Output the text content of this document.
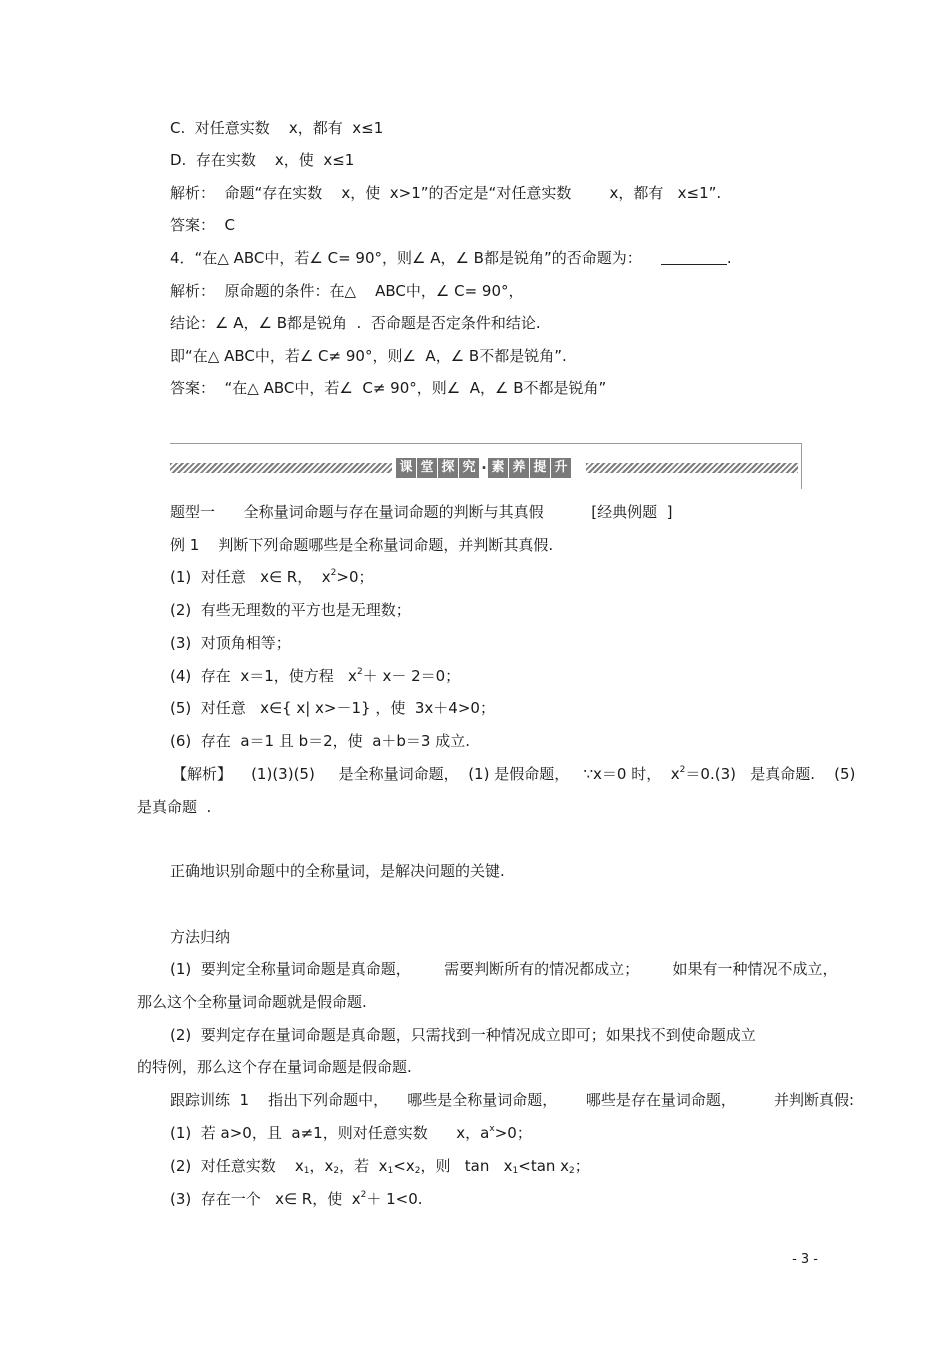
C.  对任意实数    x，都有  x≤1
D.  存在实数    x，使  x≤1
解析：  命题“存在实数    x，使  x>1”的否定是“对任意实数        x，都有   x≤1”.
答案：  C
4．“在△ ABC中，若∠ C= 90°，则∠ A，∠ B都是锐角”的否命题为：	.
解析：  原命题的条件：在△    ABC中，∠ C= 90°，
结论：∠ A，∠ B都是锐角  .  否命题是否定条件和结论.
即“在△ ABC中，若∠ C≠ 90°，则∠  A，∠ B不都是锐角”.
答案：  “在△ ABC中，若∠  C≠ 90°，则∠  A，∠ B不都是锐角”
课 堂 探 究 · 素 养 提 升
题型一      全称量词命题与存在量词命题的判断与其真假          [经典例题  ]
例 1    判断下列命题哪些是全称量词命题，并判断其真假.
(1)  对任意   x∈ R，  $x^2>0$；
(2)  有些无理数的平方也是无理数；
(3)  对顶角相等；
(4)  存在  x＝1，使方程   $x^2+ x- 2=0$；
(5)  对任意   x∈{ x| x>－1} ，使  3x＋4>0；
(6)  存在  a＝1 且 b＝2，使  a＋b＝3 成立.
【解析】    (1)(3)(5)     是全称量词命题，  (1) 是假命题，   ∵x＝0 时，  $x^2=0.(3)$   是真命题.    (5)
是真命题  .
正确地识别命题中的全称量词，是解决问题的关键.
方法归纳
(1)  要判定全称量词命题是真命题，       需要判断所有的情况都成立；       如果有一种情况不成立，
那么这个全称量词命题就是假命题.
(2)  要判定存在量词命题是真命题，只需找到一种情况成立即可；如果找不到使命题成立
的特例，那么这个存在量词命题是假命题.
跟踪训练  1    指出下列命题中，    哪些是全称量词命题，      哪些是存在量词命题，        并判断真假:
(1)  若 a>0，且  a≠1，则对任意实数      x，$a^x>0$；
(2)  对任意实数    $x_1$，$x_2$，若  $x_1<x_2$，则   $\tan x_1<\tan$ $x_2$；
(3)  存在一个   x∈ R，使  $x^2+ 1<0$.
- 3 -
